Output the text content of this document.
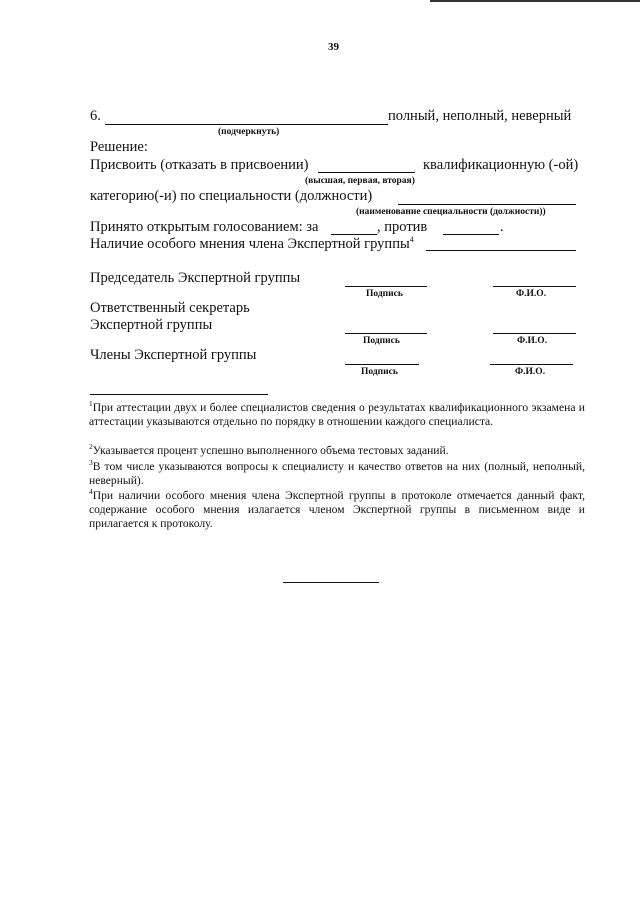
39
6.	полный, неполный, неверный
(подчеркнуть)
Решение:
Присвоить (отказать в присвоении)	квалификационную (-ой)
(высшая, первая, вторая)
категорию(-и) по специальности (должности)
(наименование специальности (должности))
Принято открытым голосованием: за	, против	.
Наличие особого мнения члена Экспертной группы$^4$
Председатель Экспертной группы
Подпись	Ф.И.О.
Ответственный секретарь
Экспертной группы
Подпись	Ф.И.О.
Члены Экспертной группы
Подпись	Ф.И.О.
$^1$При аттестации двух и более специалистов сведения о результатах квалификационного экзамена и аттестации указываются отдельно по порядку в отношении каждого специалиста.
$^2$Указывается процент успешно выполненного объема тестовых заданий.
$^3$В том числе указываются вопросы к специалисту и качество ответов на них (полный, неполный, неверный).
$^4$При наличии особого мнения члена Экспертной группы в протоколе отмечается данный факт, содержание особого мнения излагается членом Экспертной группы в письменном виде и прилагается к протоколу.
